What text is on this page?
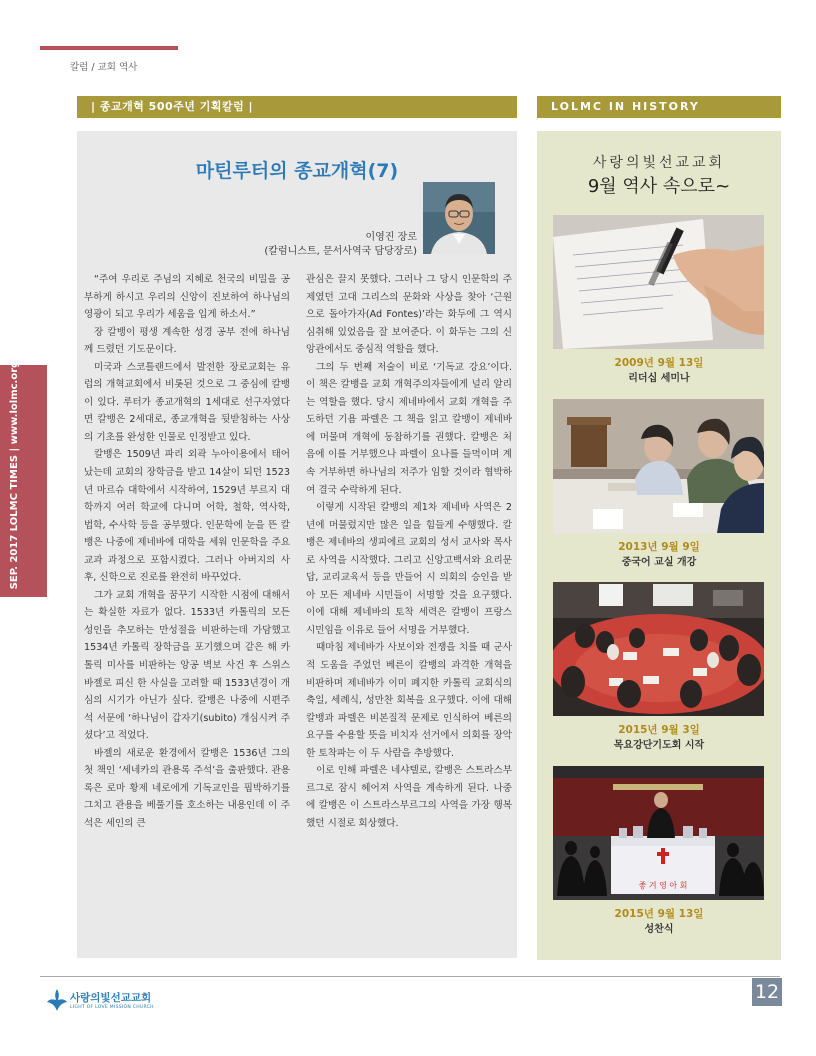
칼럼 / 교회 역사
| 종교개혁 500주년 기획칼럼 |	LOLMC IN HISTORY
마틴루터의 종교개혁(7)
이영진 장로
(칼럼니스트, 문서사역국 담당장로)

“주여 우리로 주님의 지혜로 천국의 비밀을 공부하게 하시고 우리의 신앙이 진보하여 하나님의 영광이 되고 우리가 세움을 입게 하소서.”

장 칼뱅이 평생 계속한 성경 공부 전에 하나님께 드렸던 기도문이다.

미국과 스코틀랜드에서 발전한 장로교회는 유럽의 개혁교회에서 비롯된 것으로 그 중심에 칼뱅이 있다. 루터가 종교개혁의 1세대로 선구자였다면 칼뱅은 2세대로, 종교개혁을 뒷받침하는 사상의 기초를 완성한 인물로 인정받고 있다.

칼뱅은 1509년 파리 외곽 누아이용에서 태어났는데 교회의 장학금을 받고 14살이 되던 1523년 마르슈 대학에서 시작하여, 1529년 부르지 대학까지 여러 학교에 다니며 어학, 철학, 역사학, 법학, 수사학 등을 공부했다. 인문학에 눈을 뜬 칼뱅은 나중에 제네바에 대학을 세워 인문학을 주요 교과 과정으로 포함시켰다. 그러나 아버지의 사후, 신학으로 진로를 완전히 바꾸었다.

그가 교회 개혁을 꿈꾸기 시작한 시점에 대해서는 확실한 자료가 없다. 1533년 카톨릭의 모든 성인을 추모하는 만성절을 비판하는데 가담했고 1534년 카톨릭 장학금을 포기했으며 같은 해 카톨릭 미사를 비판하는 앙공 벽보 사건 후 스위스 바젤로 피신 한 사실을 고려할 때 1533년경이 개심의 시기가 아닌가 싶다. 칼뱅은 나중에 시편주석 서문에 ‘하나님이 갑자기(subito) 개심시켜 주셨다’고 적었다.

바젤의 새로운 환경에서 칼뱅은 1536년 그의 첫 책인 ‘세네카의 관용록 주석’을 출판했다. 관용록은 로마 황제 네로에게 기독교인을 핍박하기를 그치고 관용을 베풀기를 호소하는 내용인데 이 주석은 세인의 큰

관심은 끌지 못했다. 그러나 그 당시 인문학의 주제였던 고대 그리스의 문화와 사상을 찾아 ‘근원으로 돌아가자(Ad Fontes)’라는 화두에 그 역시 심취해 있었음을 잘 보여준다. 이 화두는 그의 신앙관에서도 중심적 역할을 했다.

그의 두 번째 저술이 비로 ‘기독교 강요’이다. 이 책은 칼뱅을 교회 개혁주의자들에게 널리 알리는 역할을 했다. 당시 제네바에서 교회 개혁을 주도하던 기욤 파렐은 그 책을 읽고 칼뱅이 제네바에 머물며 개혁에 동참하기를 권했다. 칼뱅은 처음에 이를 거부했으나 파렐이 요나를 들먹이며 계속 거부하면 하나님의 저주가 임할 것이라 협박하여 결국 수락하게 된다.

이렇게 시작된 칼뱅의 제1차 제네바 사역은 2년에 머물렀지만 많은 일을 힘들게 수행했다. 칼뱅은 제네바의 생피에르 교회의 성서 교사와 목사로 사역을 시작했다. 그리고 신앙고백서와 요리문답, 교리교육서 등을 만들어 시 의회의 승인을 받아 모든 제네바 시민들이 서명할 것을 요구했다. 이에 대해 제네바의 토착 세력은 칼뱅이 프랑스 시민임을 이유로 들어 서명을 거부했다.

때마침 제네바가 사보이와 전쟁을 치를 때 군사적 도움을 주었던 베른이 칼뱅의 과격한 개혁을 비판하며 제네바가 이미 폐지한 카톨릭 교회식의 축일, 세례식, 성만찬 회복을 요구했다. 이에 대해 칼뱅과 파렐은 비본질적 문제로 인식하여 베른의 요구를 수용할 뜻을 비치자 선거에서 의회를 장악한 토착파는 이 두 사람을 추방했다.

이로 인해 파렐은 네샤텔로, 칼뱅은 스트라스부르그로 잠시 헤어져 사역을 계속하게 된다. 나중에 칼뱅은 이 스트라스부르그의 사역을 가장 행복했던 시절로 회상했다.

SEP. 2017 LOLMC TIMES | www.lolmc.org
사랑의빛선교교회
9월 역사 속으로~
2009년 9월 13일
리더십 세미나
2013년 9월 9일
중국어 교실 개강
2015년 9월 3일
목요강단기도회 시작
좋 겨 영 아 회
2015년 9월 13일
성찬식
사랑의빛선교교회
LIGHT OF LOVE MISSION CHURCH
12
